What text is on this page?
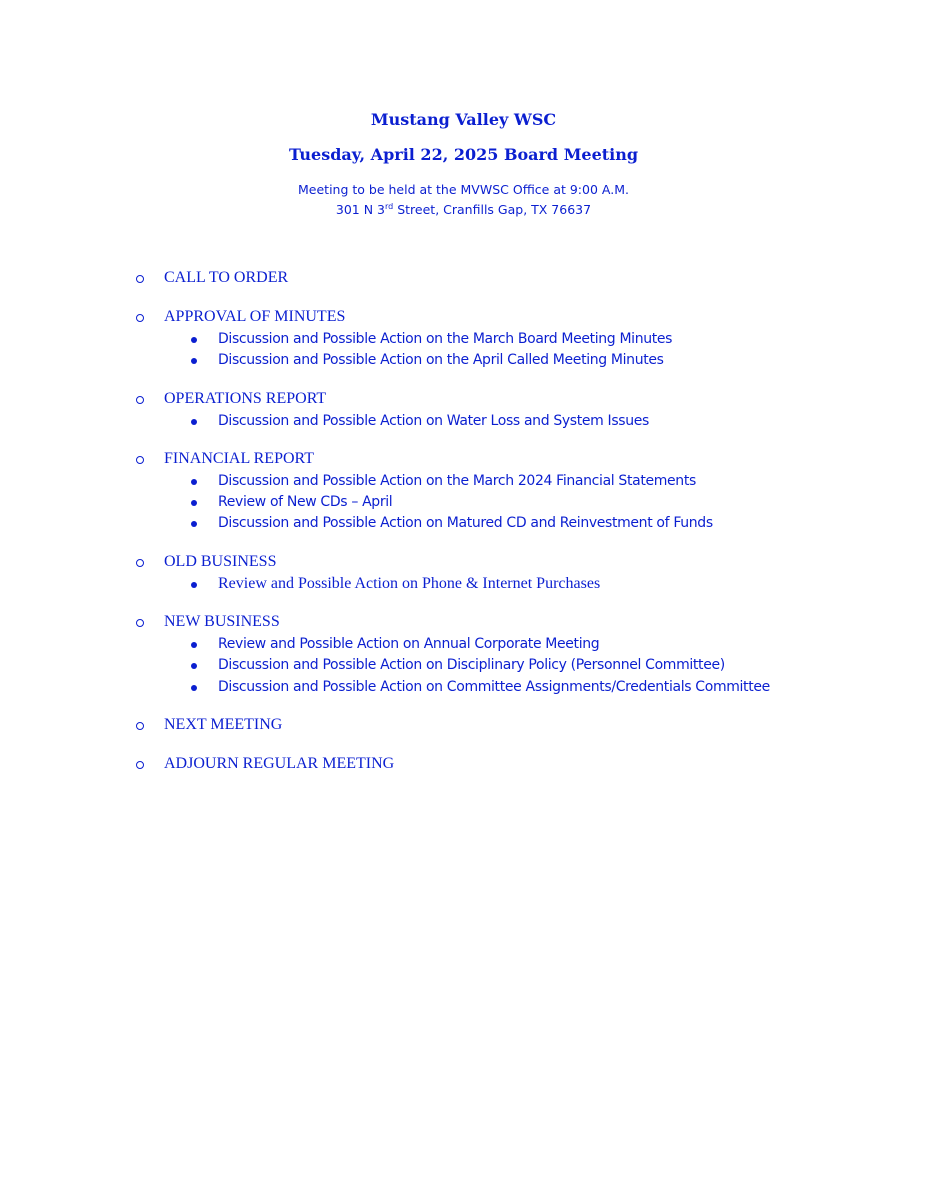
Mustang Valley WSC
Tuesday, April 22, 2025 Board Meeting
Meeting to be held at the MVWSC Office at 9:00 A.M.
301 N 3rd Street, Cranfills Gap, TX 76637
CALL TO ORDER
APPROVAL OF MINUTES
Discussion and Possible Action on the March Board Meeting Minutes
Discussion and Possible Action on the April Called Meeting Minutes
OPERATIONS REPORT
Discussion and Possible Action on Water Loss and System Issues
FINANCIAL REPORT
Discussion and Possible Action on the March 2024 Financial Statements
Review of New CDs – April
Discussion and Possible Action on Matured CD and Reinvestment of Funds
OLD BUSINESS
Review and Possible Action on Phone & Internet Purchases
NEW BUSINESS
Review and Possible Action on Annual Corporate Meeting
Discussion and Possible Action on Disciplinary Policy (Personnel Committee)
Discussion and Possible Action on Committee Assignments/Credentials Committee
NEXT MEETING
ADJOURN REGULAR MEETING
